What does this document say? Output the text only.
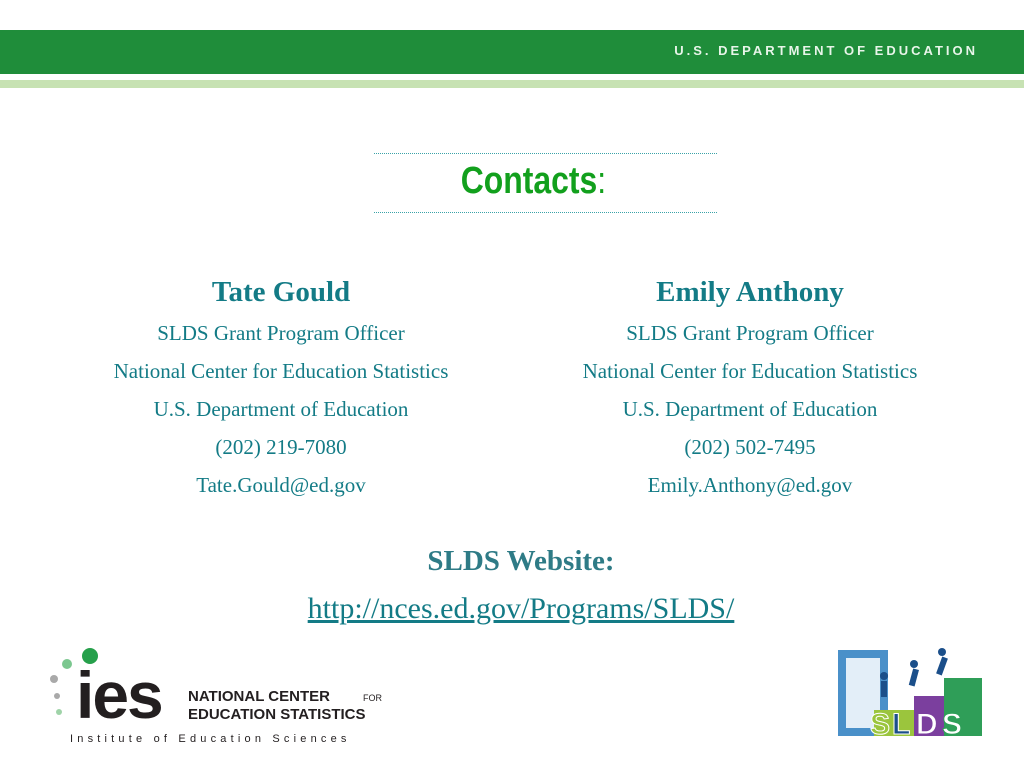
U.S. DEPARTMENT OF EDUCATION
Contacts:
Tate Gould
SLDS Grant Program Officer
National Center for Education Statistics
U.S. Department of Education
(202) 219-7080
Tate.Gould@ed.gov
Emily Anthony
SLDS Grant Program Officer
National Center for Education Statistics
U.S. Department of Education
(202) 502-7495
Emily.Anthony@ed.gov
SLDS Website:
http://nces.ed.gov/Programs/SLDS/
ies NATIONAL CENTER	FOR
EDUCATION STATISTICS
Institute of Education Sciences	S L D S
